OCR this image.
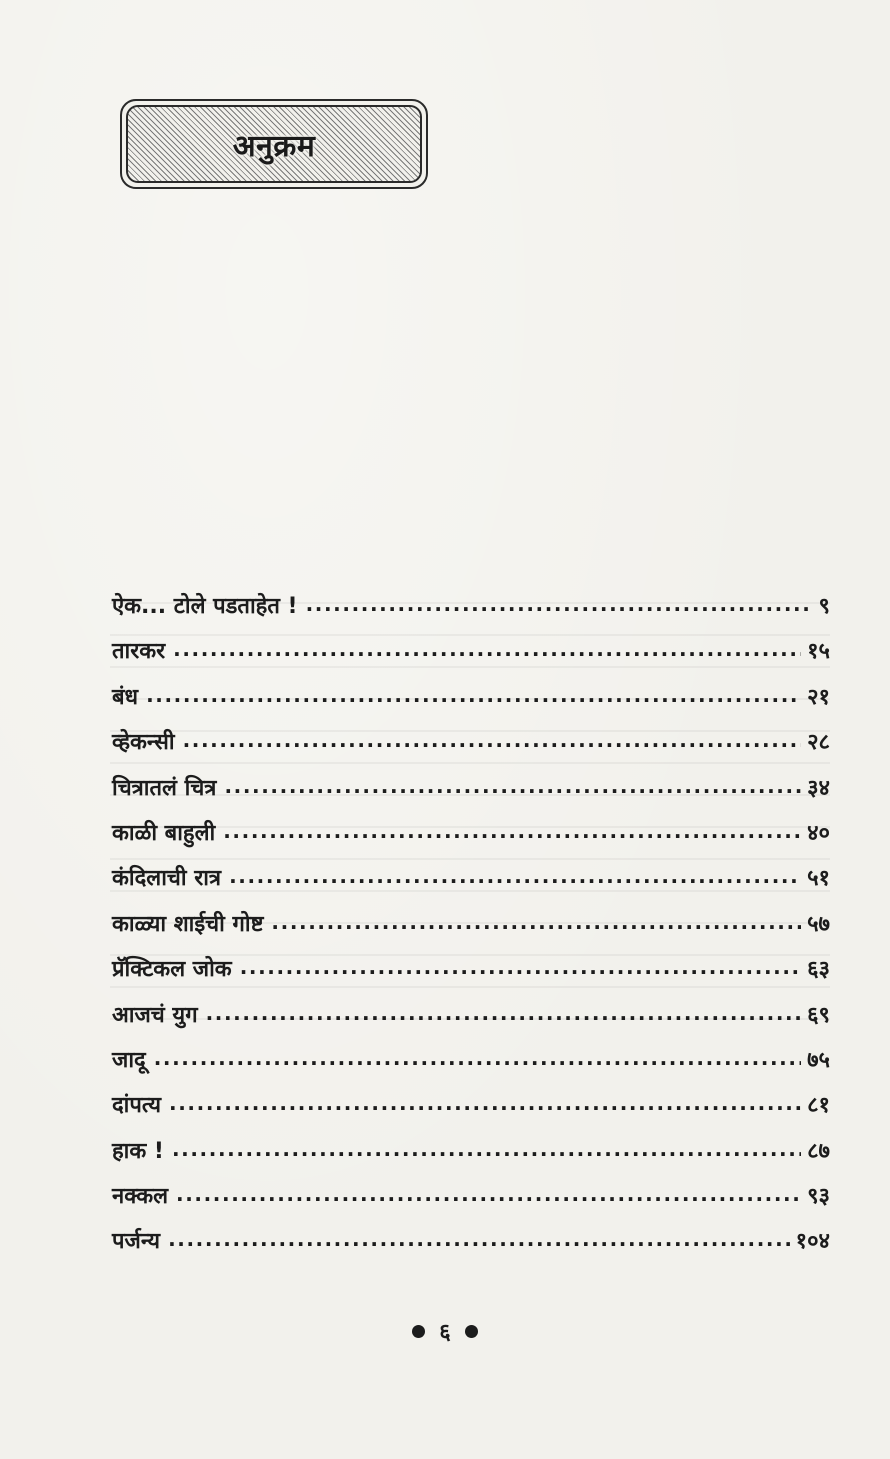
अनुक्रम
ऐक... टोले पडताहेत ! .....	९
तारकर .....	१५
बंध .....	२१
व्हेकन्सी .....	२८
चित्रातलं चित्र .....	३४
काळी बाहुली .....	४०
कंदिलाची रात्र .....	५१
काळ्या शाईची गोष्ट .....	५७
प्रॅक्टिकल जोक .....	६३
आजचं युग .....	६९
जादू .....	७५
दांपत्य .....	८१
हाक ! .....	८७
नक्कल .....	९३
पर्जन्य .....	१०४
६
